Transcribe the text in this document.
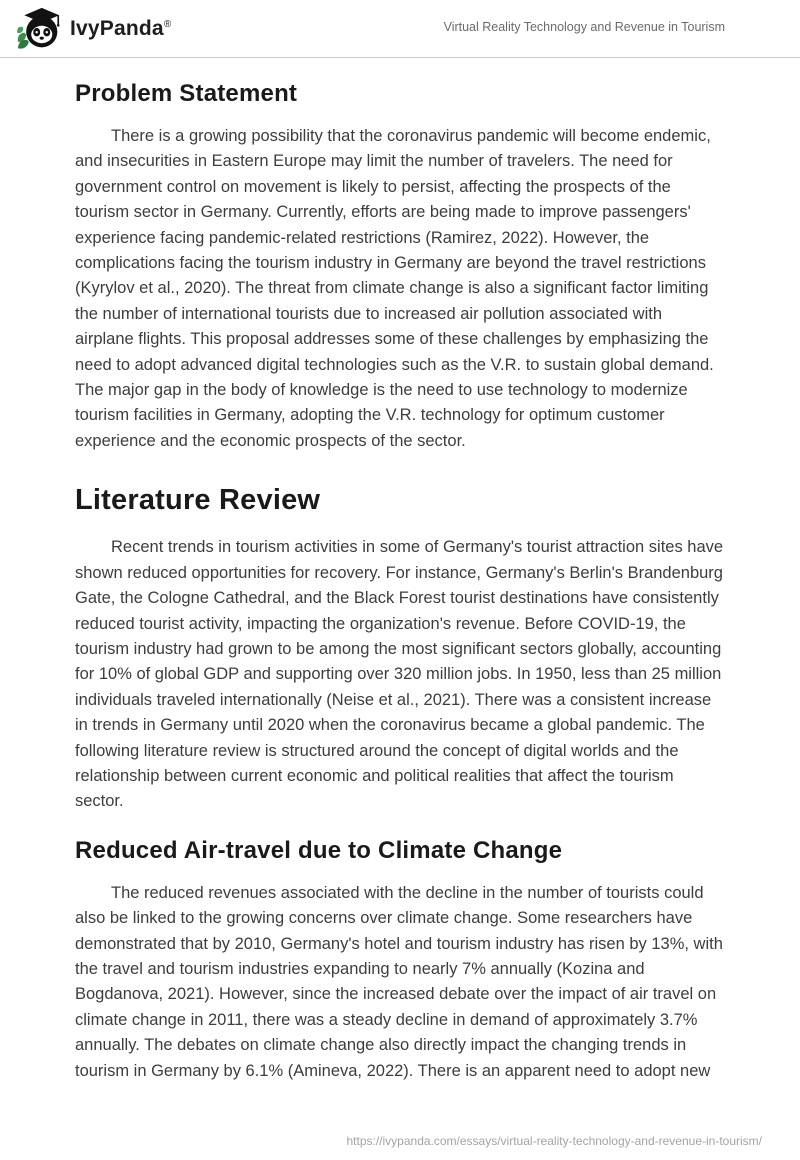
IvyPanda®	Virtual Reality Technology and Revenue in Tourism
Problem Statement

There is a growing possibility that the coronavirus pandemic will become endemic, and insecurities in Eastern Europe may limit the number of travelers. The need for government control on movement is likely to persist, affecting the prospects of the tourism sector in Germany. Currently, efforts are being made to improve passengers' experience facing pandemic-related restrictions (Ramirez, 2022). However, the complications facing the tourism industry in Germany are beyond the travel restrictions (Kyrylov et al., 2020). The threat from climate change is also a significant factor limiting the number of international tourists due to increased air pollution associated with airplane flights. This proposal addresses some of these challenges by emphasizing the need to adopt advanced digital technologies such as the V.R. to sustain global demand. The major gap in the body of knowledge is the need to use technology to modernize tourism facilities in Germany, adopting the V.R. technology for optimum customer experience and the economic prospects of the sector.

Literature Review

Recent trends in tourism activities in some of Germany's tourist attraction sites have shown reduced opportunities for recovery. For instance, Germany's Berlin's Brandenburg Gate, the Cologne Cathedral, and the Black Forest tourist destinations have consistently reduced tourist activity, impacting the organization's revenue. Before COVID-19, the tourism industry had grown to be among the most significant sectors globally, accounting for 10% of global GDP and supporting over 320 million jobs. In 1950, less than 25 million individuals traveled internationally (Neise et al., 2021). There was a consistent increase in trends in Germany until 2020 when the coronavirus became a global pandemic. The following literature review is structured around the concept of digital worlds and the relationship between current economic and political realities that affect the tourism sector.

Reduced Air-travel due to Climate Change

The reduced revenues associated with the decline in the number of tourists could also be linked to the growing concerns over climate change. Some researchers have demonstrated that by 2010, Germany's hotel and tourism industry has risen by 13%, with the travel and tourism industries expanding to nearly 7% annually (Kozina and Bogdanova, 2021). However, since the increased debate over the impact of air travel on climate change in 2011, there was a steady decline in demand of approximately 3.7% annually. The debates on climate change also directly impact the changing trends in tourism in Germany by 6.1% (Amineva, 2022). There is an apparent need to adopt new

https://ivypanda.com/essays/virtual-reality-technology-and-revenue-in-tourism/
